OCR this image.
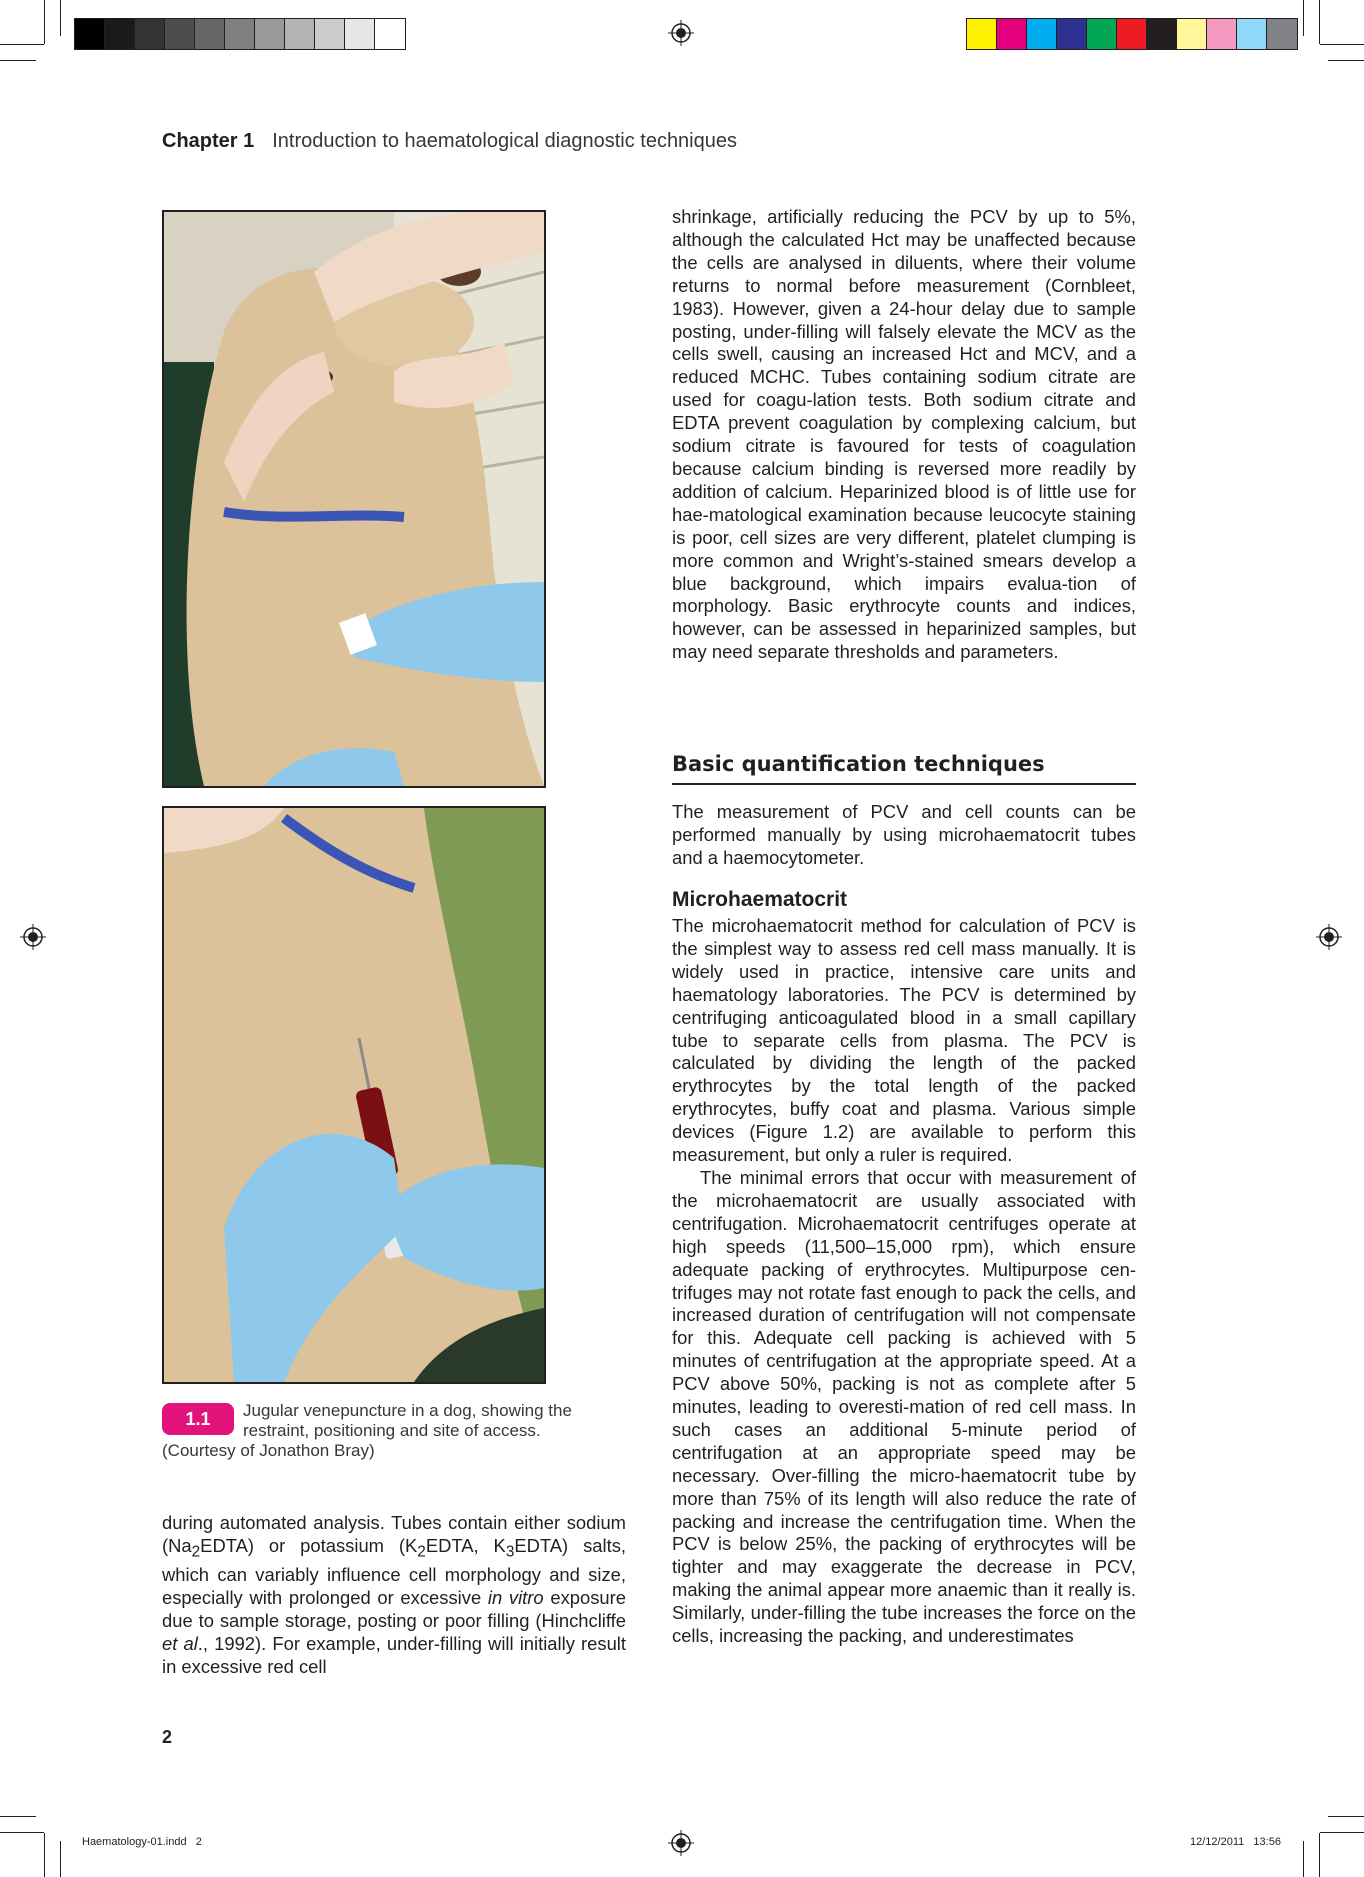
Chapter 1 Introduction to haematological diagnostic techniques
1.1	Jugular venepuncture in a dog, showing the
restraint, positioning and site of access.
(Courtesy of Jonathon Bray)

during automated analysis. Tubes contain either sodium $(Na_2EDTA)$ or potassium ($K_2EDTA$, $K_3EDTA$) salts, which can variably influence cell morphology and size, especially with prolonged or excessive in vitro exposure due to sample storage, posting or poor filling (Hinchcliffe et al., 1992). For example, under-filling will initially result in excessive red cell

shrinkage, artificially reducing the PCV by up to 5%, although the calculated Hct may be unaffected because the cells are analysed in diluents, where their volume returns to normal before measurement (Cornbleet, 1983). However, given a 24-hour delay due to sample posting, under-filling will falsely elevate the MCV as the cells swell, causing an increased Hct and MCV, and a reduced MCHC. Tubes containing sodium citrate are used for coagu-lation tests. Both sodium citrate and EDTA prevent coagulation by complexing calcium, but sodium citrate is favoured for tests of coagulation because calcium binding is reversed more readily by addition of calcium. Heparinized blood is of little use for hae-matological examination because leucocyte staining is poor, cell sizes are very different, platelet clumping is more common and Wright’s-stained smears develop a blue background, which impairs evalua-tion of morphology. Basic erythrocyte counts and indices, however, can be assessed in heparinized samples, but may need separate thresholds and parameters.

Basic quantification techniques

The measurement of PCV and cell counts can be performed manually by using microhaematocrit tubes and a haemocytometer.

Microhaematocrit

The microhaematocrit method for calculation of PCV is the simplest way to assess red cell mass manually. It is widely used in practice, intensive care units and haematology laboratories. The PCV is determined by centrifuging anticoagulated blood in a small capillary tube to separate cells from plasma. The PCV is calculated by dividing the length of the packed erythrocytes by the total length of the packed erythrocytes, buffy coat and plasma. Various simple devices (Figure 1.2) are available to perform this measurement, but only a ruler is required.

The minimal errors that occur with measurement of the microhaematocrit are usually associated with centrifugation. Microhaematocrit centrifuges operate at high speeds (11,500–15,000 rpm), which ensure adequate packing of erythrocytes. Multipurpose cen-trifuges may not rotate fast enough to pack the cells, and increased duration of centrifugation will not compensate for this. Adequate cell packing is achieved with 5 minutes of centrifugation at the appropriate speed. At a PCV above 50%, packing is not as complete after 5 minutes, leading to overesti-mation of red cell mass. In such cases an additional 5-minute period of centrifugation at an appropriate speed may be necessary. Over-filling the micro-haematocrit tube by more than 75% of its length will also reduce the rate of packing and increase the centrifugation time. When the PCV is below 25%, the packing of erythrocytes will be tighter and may exaggerate the decrease in PCV, making the animal appear more anaemic than it really is. Similarly, under-filling the tube increases the force on the cells, increasing the packing, and underestimates

2
Haematology-01.indd   2	12/12/2011   13:56
